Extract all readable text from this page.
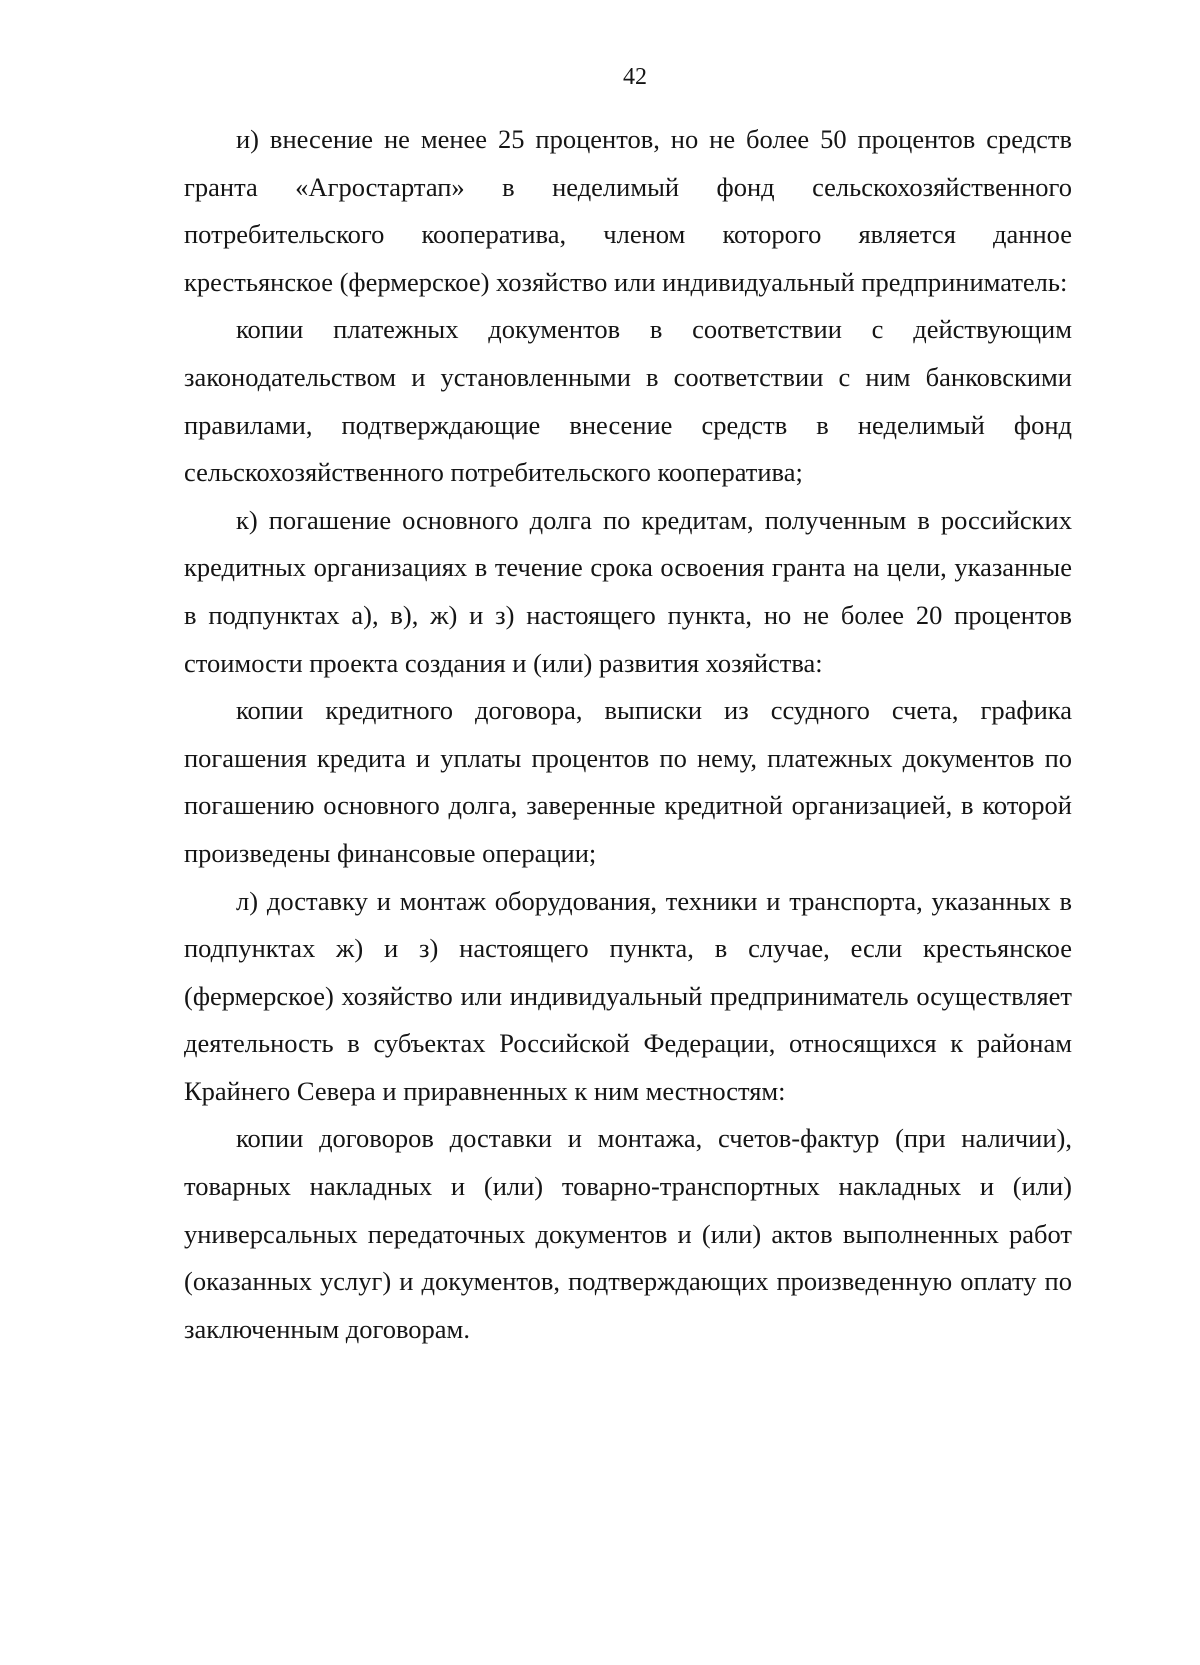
42

и) внесение не менее 25 процентов, но не более 50 процентов средств гранта «Агростартап» в неделимый фонд сельскохозяйственного потребительского кооператива, членом которого является данное крестьянское (фермерское) хозяйство или индивидуальный предприниматель:

копии платежных документов в соответствии с действующим законодательством и установленными в соответствии с ним банковскими правилами, подтверждающие внесение средств в неделимый фонд сельскохозяйственного потребительского кооператива;

к) погашение основного долга по кредитам, полученным в российских кредитных организациях в течение срока освоения гранта на цели, указанные в подпунктах а), в), ж) и з) настоящего пункта, но не более 20 процентов стоимости проекта создания и (или) развития хозяйства:

копии кредитного договора, выписки из ссудного счета, графика погашения кредита и уплаты процентов по нему, платежных документов по погашению основного долга, заверенные кредитной организацией, в которой произведены финансовые операции;

л) доставку и монтаж оборудования, техники и транспорта, указанных в подпунктах ж) и з) настоящего пункта, в случае, если крестьянское (фермерское) хозяйство или индивидуальный предприниматель осуществляет деятельность в субъектах Российской Федерации, относящихся к районам Крайнего Севера и приравненных к ним местностям:

копии договоров доставки и монтажа, счетов-фактур (при наличии), товарных накладных и (или) товарно-транспортных накладных и (или) универсальных передаточных документов и (или) актов выполненных работ (оказанных услуг) и документов, подтверждающих произведенную оплату по заключенным договорам.
